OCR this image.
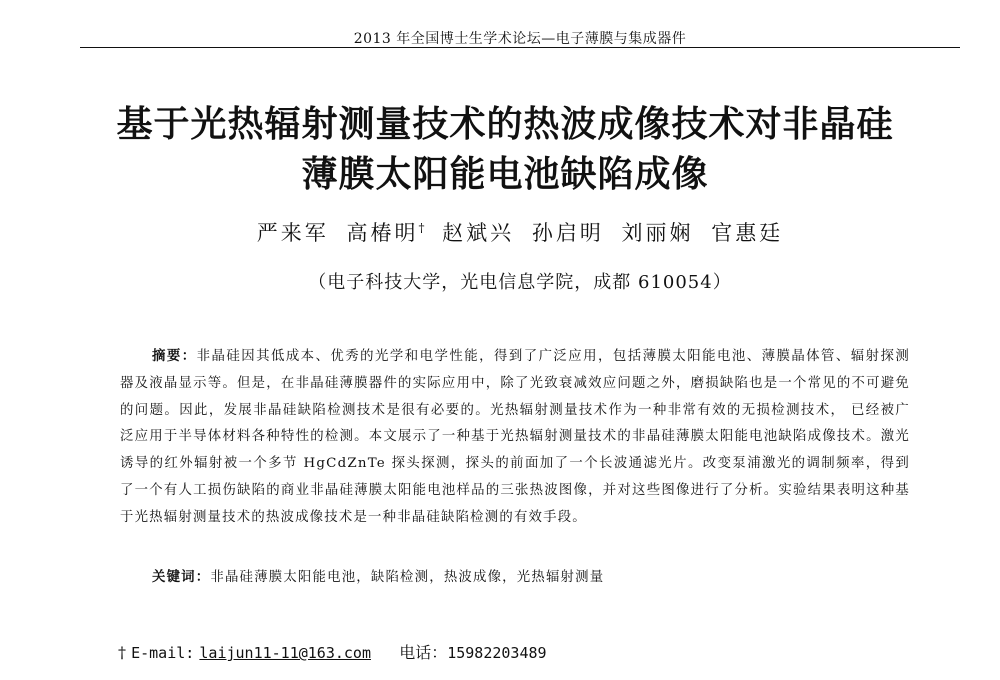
2013 年全国博士生学术论坛—电子薄膜与集成器件
基于光热辐射测量技术的热波成像技术对非晶硅
薄膜太阳能电池缺陷成像
严来军 高椿明† 赵斌兴 孙启明 刘丽娴 官惠廷
（电子科技大学，光电信息学院，成都 610054）
摘要：非晶硅因其低成本、优秀的光学和电学性能，得到了广泛应用，包括薄膜太阳能电池、薄膜晶体管、辐射探测器及液晶显示等。但是，在非晶硅薄膜器件的实际应用中，除了光致衰减效应问题之外，磨损缺陷也是一个常见的不可避免的问题。因此，发展非晶硅缺陷检测技术是很有必要的。光热辐射测量技术作为一种非常有效的无损检测技术， 已经被广泛应用于半导体材料各种特性的检测。本文展示了一种基于光热辐射测量技术的非晶硅薄膜太阳能电池缺陷成像技术。激光诱导的红外辐射被一个多节 HgCdZnTe 探头探测，探头的前面加了一个长波通滤光片。改变泵浦激光的调制频率，得到了一个有人工损伤缺陷的商业非晶硅薄膜太阳能电池样品的三张热波图像，并对这些图像进行了分析。实验结果表明这种基于光热辐射测量技术的热波成像技术是一种非晶硅缺陷检测的有效手段。
关键词：非晶硅薄膜太阳能电池，缺陷检测，热波成像，光热辐射测量
† E-mail: laijun11-11@163.com 电话：15982203489
